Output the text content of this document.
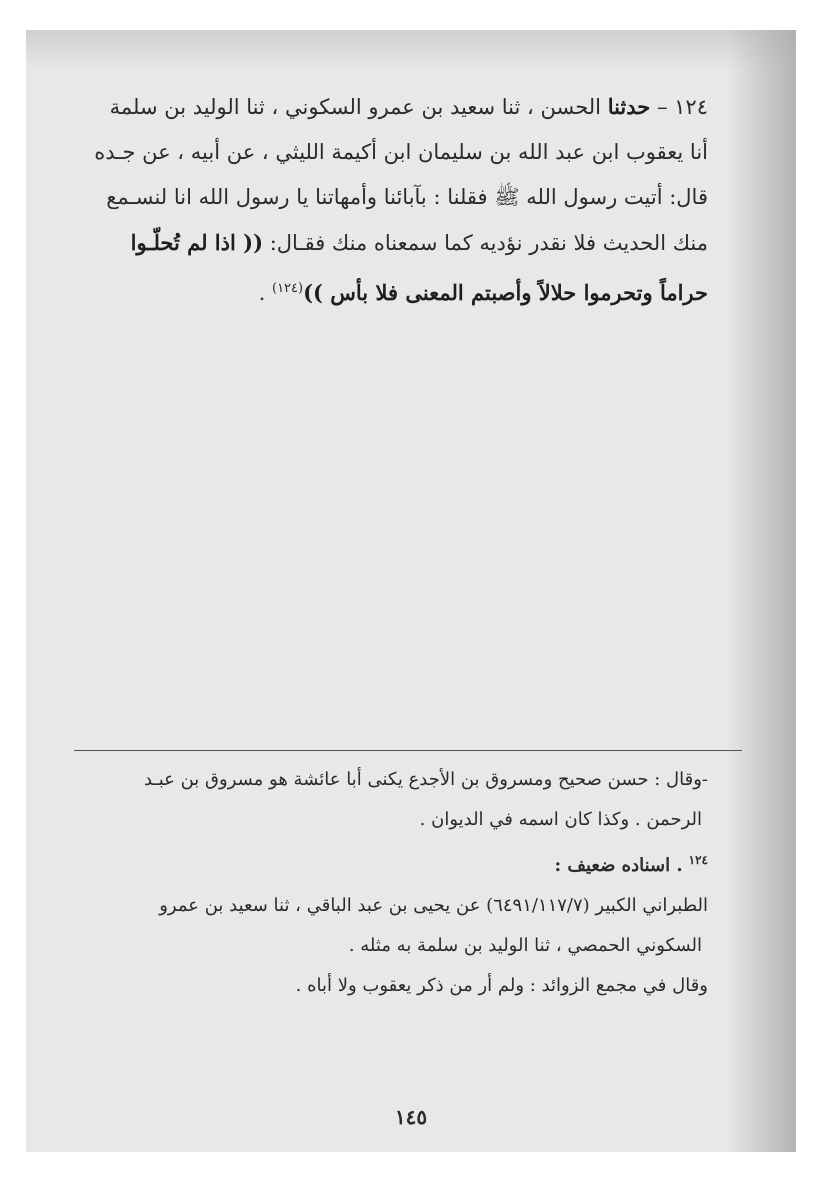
١٢٤ – حدثنا الحسن ، ثنا سعيد بن عمرو السكوني ، ثنا الوليد بن سلمة

أنا يعقوب ابن عبد الله بن سليمان ابن أكيمة الليثي ، عن أبيه ، عن جـده

قال: أتيت رسول الله ﷺ فقلنا : بآبائنا وأمهاتنا يا رسول الله انا لنسـمع

منك الحديث فلا نقدر نؤديه كما سمعناه منك فقـال: (( اذا لم تُحلّـوا

حراماً وتحرموا حلالاً وأصبتم المعنى فلا بأس ))$^{(١٢٤)}$ .

-وقال : حسن صحيح ومسروق بن الأجدع يكنى أبا عائشة هو مسروق بن عبـد
الرحمن . وكذا كان اسمه في الديوان .
$^{١٢٤}$. اسناده ضعيف :
الطبراني الكبير (٦٤٩١/١١٧/٧) عن يحيى بن عبد الباقي ، ثنا سعيد بن عمرو
السكوني الحمصي ، ثنا الوليد بن سلمة به مثله .
وقال في مجمع الزوائد : ولم أر من ذكر يعقوب ولا أباه .
١٤٥
